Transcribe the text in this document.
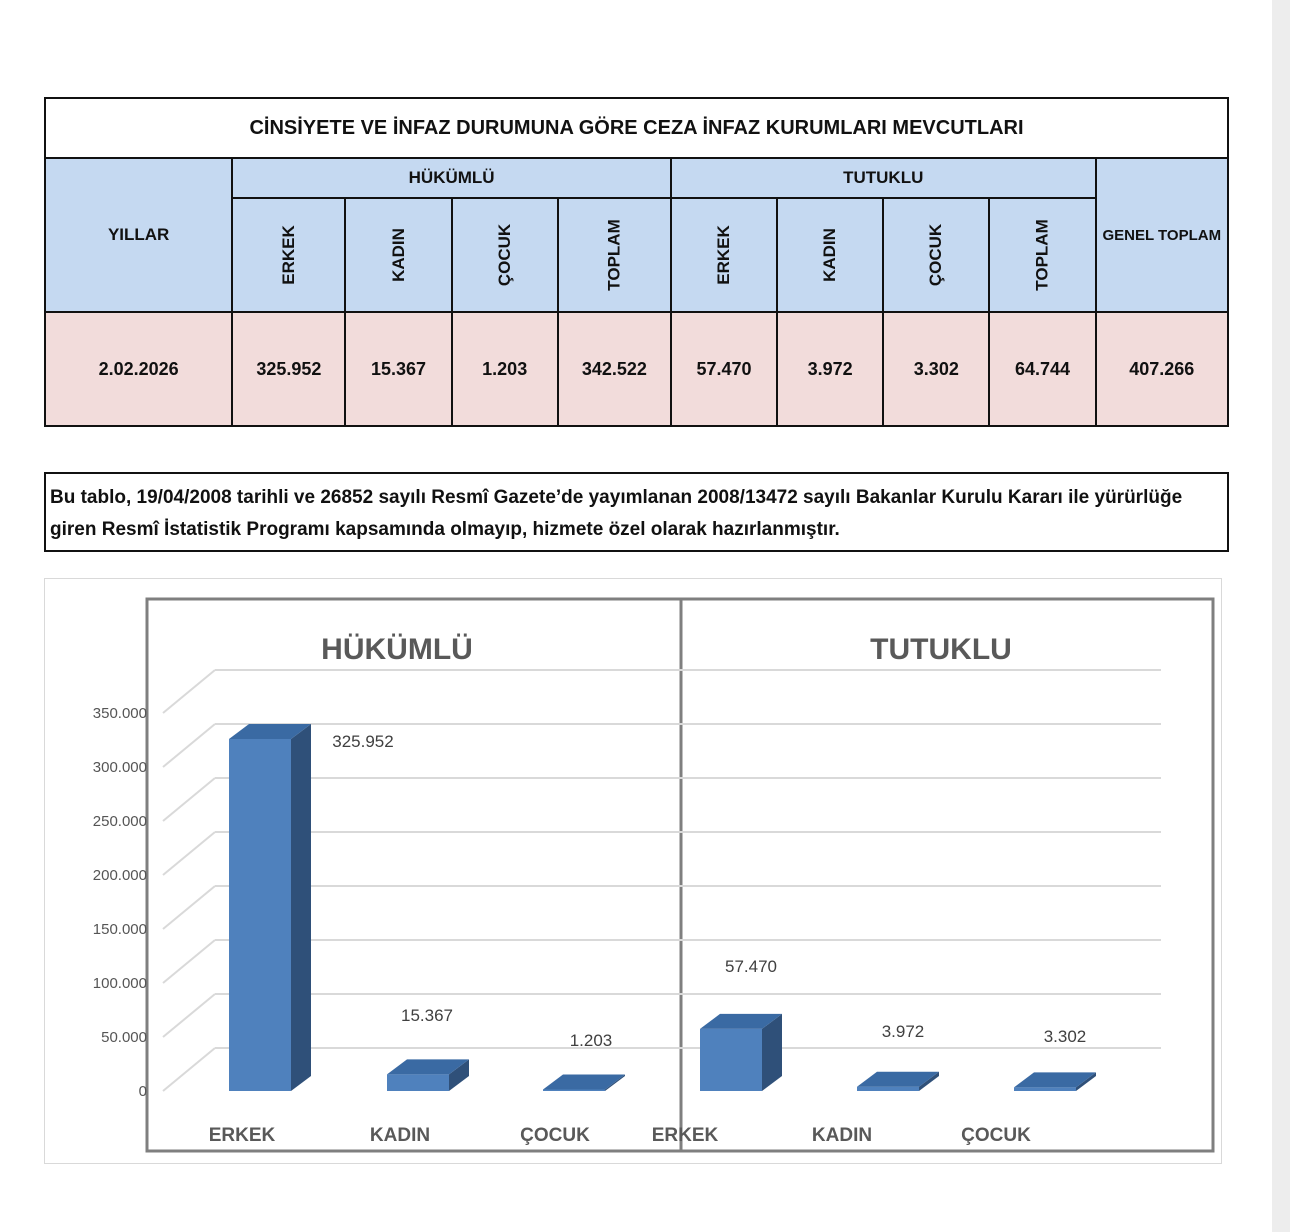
CİNSİYETE VE İNFAZ DURUMUNA GÖRE CEZA İNFAZ KURUMLARI MEVCUTLARI									
YILLAR	HÜKÜMLÜ				TUTUKLU				GENEL TOPLAM
	ERKEK	KADIN	ÇOCUK	TOPLAM	ERKEK	KADIN	ÇOCUK	TOPLAM	
2.02.2026	325.952	15.367	1.203	342.522	57.470	3.972	3.302	64.744	407.266
Bu tablo, 19/04/2008 tarihli ve 26852 sayılı Resmî Gazete’de yayımlanan 2008/13472 sayılı Bakanlar Kurulu Kararı ile yürürlüğe giren Resmî İstatistik Programı kapsamında olmayıp, hizmete özel olarak hazırlanmıştır.
0
50.000
100.000
150.000
200.000
250.000
300.000
350.000
HÜKÜMLÜ	TUTUKLU
325.952
ERKEK
15.367
KADIN
1.203
ÇOCUK
57.470
ERKEK
3.972
KADIN
3.302
ÇOCUK
